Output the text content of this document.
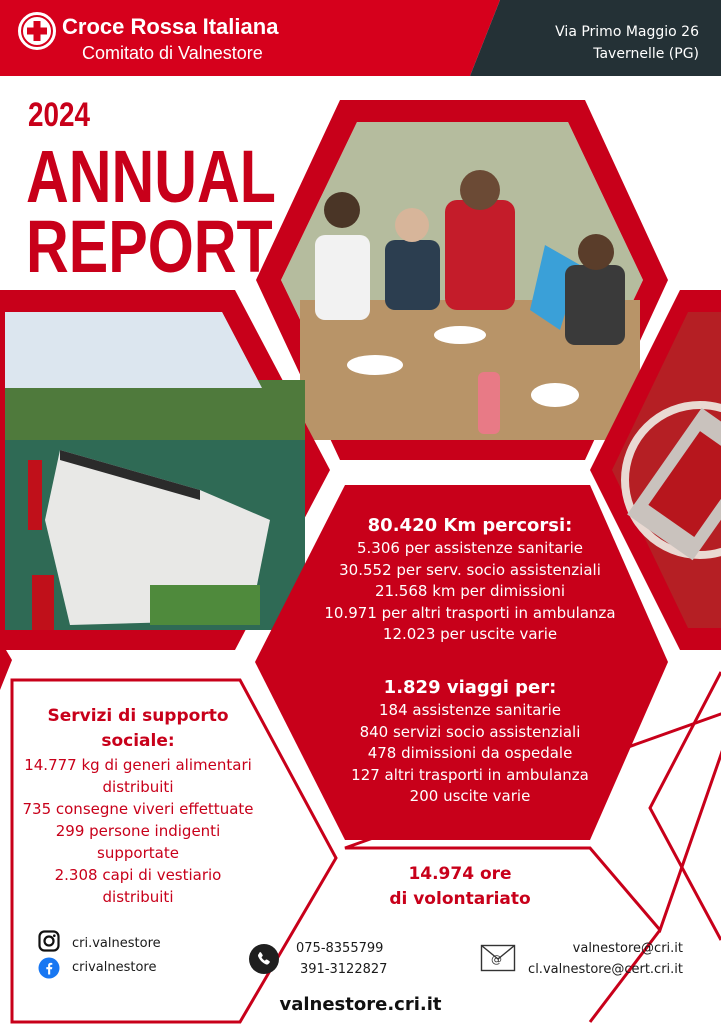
Croce Rossa Italiana
Comitato di Valnestore
Via Primo Maggio 26
Tavernelle (PG)
2024
ANNUAL
REPORT
80.420 Km percorsi:
5.306 per assistenze sanitarie
30.552 per serv. socio assistenziali
21.568 km per dimissioni
10.971 per altri trasporti in ambulanza
12.023 per uscite varie
1.829 viaggi per:
184 assistenze sanitarie
840 servizi socio assistenziali
478 dimissioni da ospedale
127 altri trasporti in ambulanza
200 uscite varie
Servizi di supporto
sociale:
14.777 kg di generi alimentari
distribuiti
735 consegne viveri effettuate
299 persone indigenti
supportate
2.308 capi di vestiario
distribuiti
14.974 ore
di volontariato
cri.valnestore
crivalnestore
075-8355799
391-3122827
@
valnestore@cri.it
cl.valnestore@cert.cri.it
valnestore.cri.it
